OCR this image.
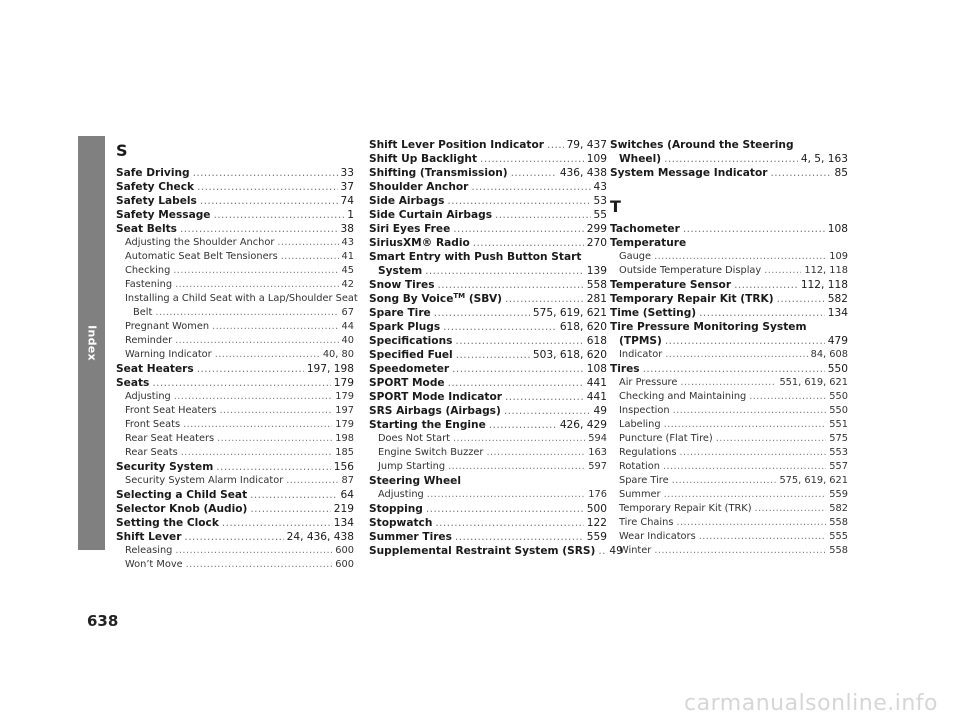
Index
S
Safe Driving .....	33
Safety Check .....	37
Safety Labels .....	74
Safety Message .....	1
Seat Belts .....	38
Adjusting the Shoulder Anchor .....	43
Automatic Seat Belt Tensioners .....	41
Checking .....	45
Fastening .....	42
Installing a Child Seat with a Lap/Shoulder Seat
Belt .....	67
Pregnant Women .....	44
Reminder .....	40
Warning Indicator .....	40, 80
Seat Heaters .....	197, 198
Seats .....	179
Adjusting .....	179
Front Seat Heaters .....	197
Front Seats .....	179
Rear Seat Heaters .....	198
Rear Seats .....	185
Security System .....	156
Security System Alarm Indicator .....	87
Selecting a Child Seat .....	64
Selector Knob (Audio) .....	219
Setting the Clock .....	134
Shift Lever .....	24, 436, 438
Releasing .....	600
Won’t Move .....	600
Shift Lever Position Indicator ..... 79, 437
Shift Up Backlight .....	109
Shifting (Transmission) .....	436, 438
Shoulder Anchor .....	43
Side Airbags .....	53
Side Curtain Airbags .....	55
Siri Eyes Free .....	299
SiriusXM® Radio .....	270
Smart Entry with Push Button Start
System .....	139
Snow Tires .....	558
Song By Voice™ (SBV) .....	281
Spare Tire .....	575, 619, 621
Spark Plugs .....	618, 620
Specifications .....	618
Specified Fuel .....	503, 618, 620
Speedometer .....	108
SPORT Mode .....	441
SPORT Mode Indicator .....	441
SRS Airbags (Airbags) .....	49
Starting the Engine .....	426, 429
Does Not Start .....	594
Engine Switch Buzzer .....	163
Jump Starting .....	597
Steering Wheel
Adjusting .....	176
Stopping .....	500
Stopwatch .....	122
Summer Tires .....	559
Supplemental Restraint System (SRS) ..... 49
Switches (Around the Steering
Wheel) .....	4, 5, 163
System Message Indicator .....	85
T
Tachometer .....	108
Temperature
Gauge .....	109
Outside Temperature Display .....	112, 118
Temperature Sensor .....	112, 118
Temporary Repair Kit (TRK) .....	582
Time (Setting) .....	134
Tire Pressure Monitoring System
(TPMS) .....	479
Indicator .....	84, 608
Tires .....	550
Air Pressure .....	551, 619, 621
Checking and Maintaining .....	550
Inspection .....	550
Labeling .....	551
Puncture (Flat Tire) .....	575
Regulations .....	553
Rotation .....	557
Spare Tire .....	575, 619, 621
Summer .....	559
Temporary Repair Kit (TRK) .....	582
Tire Chains .....	558
Wear Indicators .....	555
Winter .....	558
638
carmanualsonline.info
